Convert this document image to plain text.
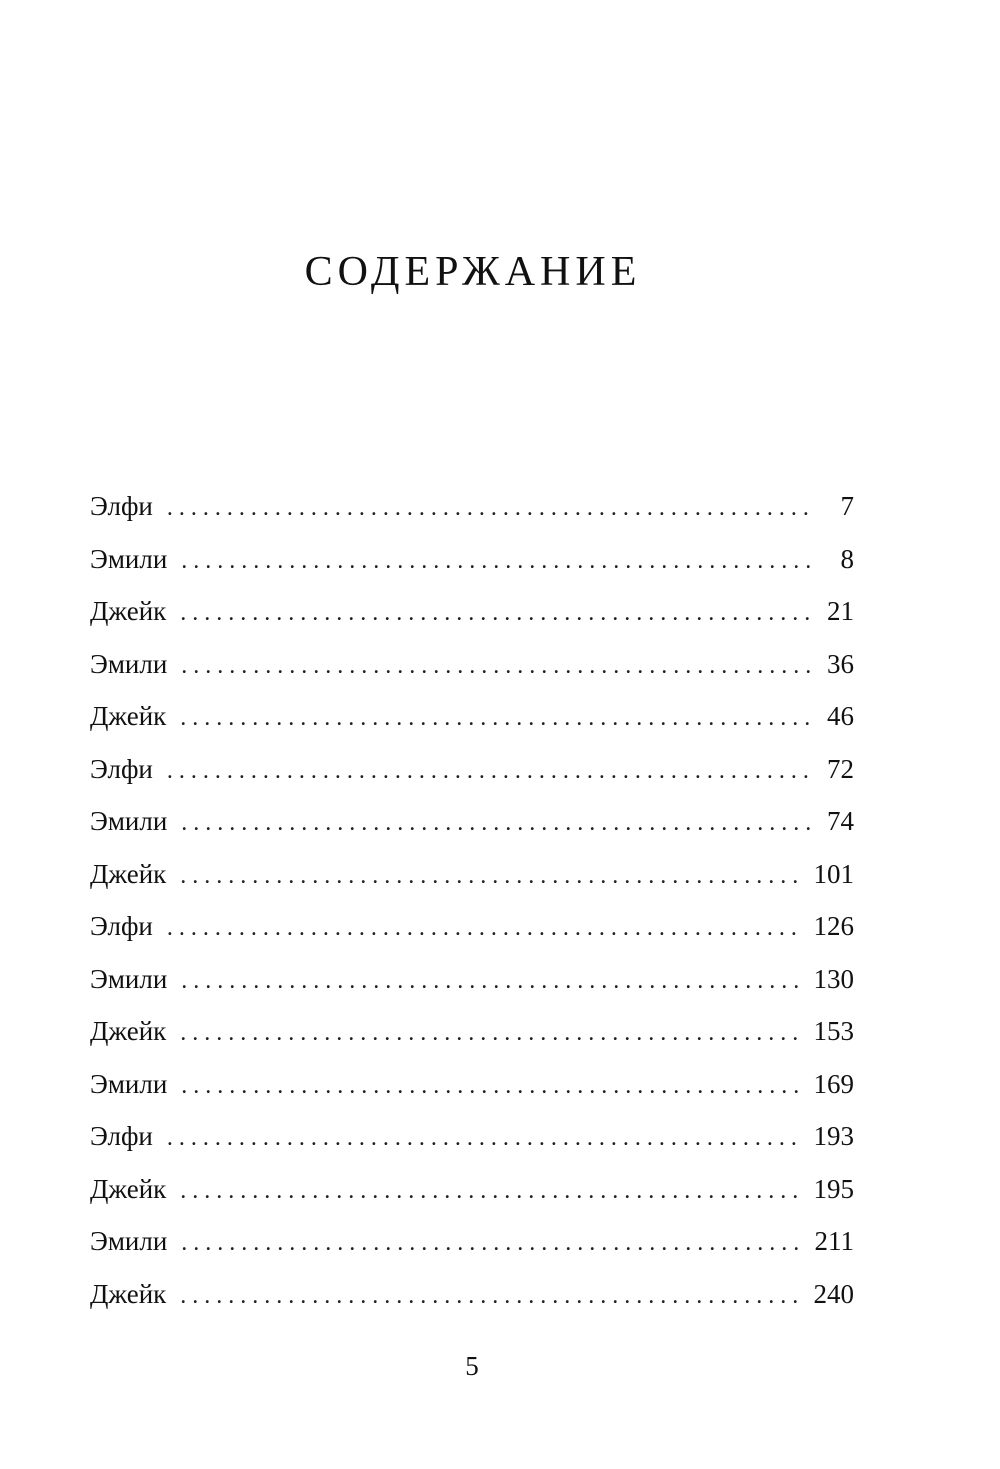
СОДЕРЖАНИЕ
Элфи . . .	7
Эмили . . .	8
Джейк . . .	21
Эмили . . .	36
Джейк . . .	46
Элфи . . .	72
Эмили . . .	74
Джейк . . .	101
Элфи . . .	126
Эмили . . .	130
Джейк . . .	153
Эмили . . .	169
Элфи . . .	193
Джейк . . .	195
Эмили . . .	211
Джейк . . .	240
5
